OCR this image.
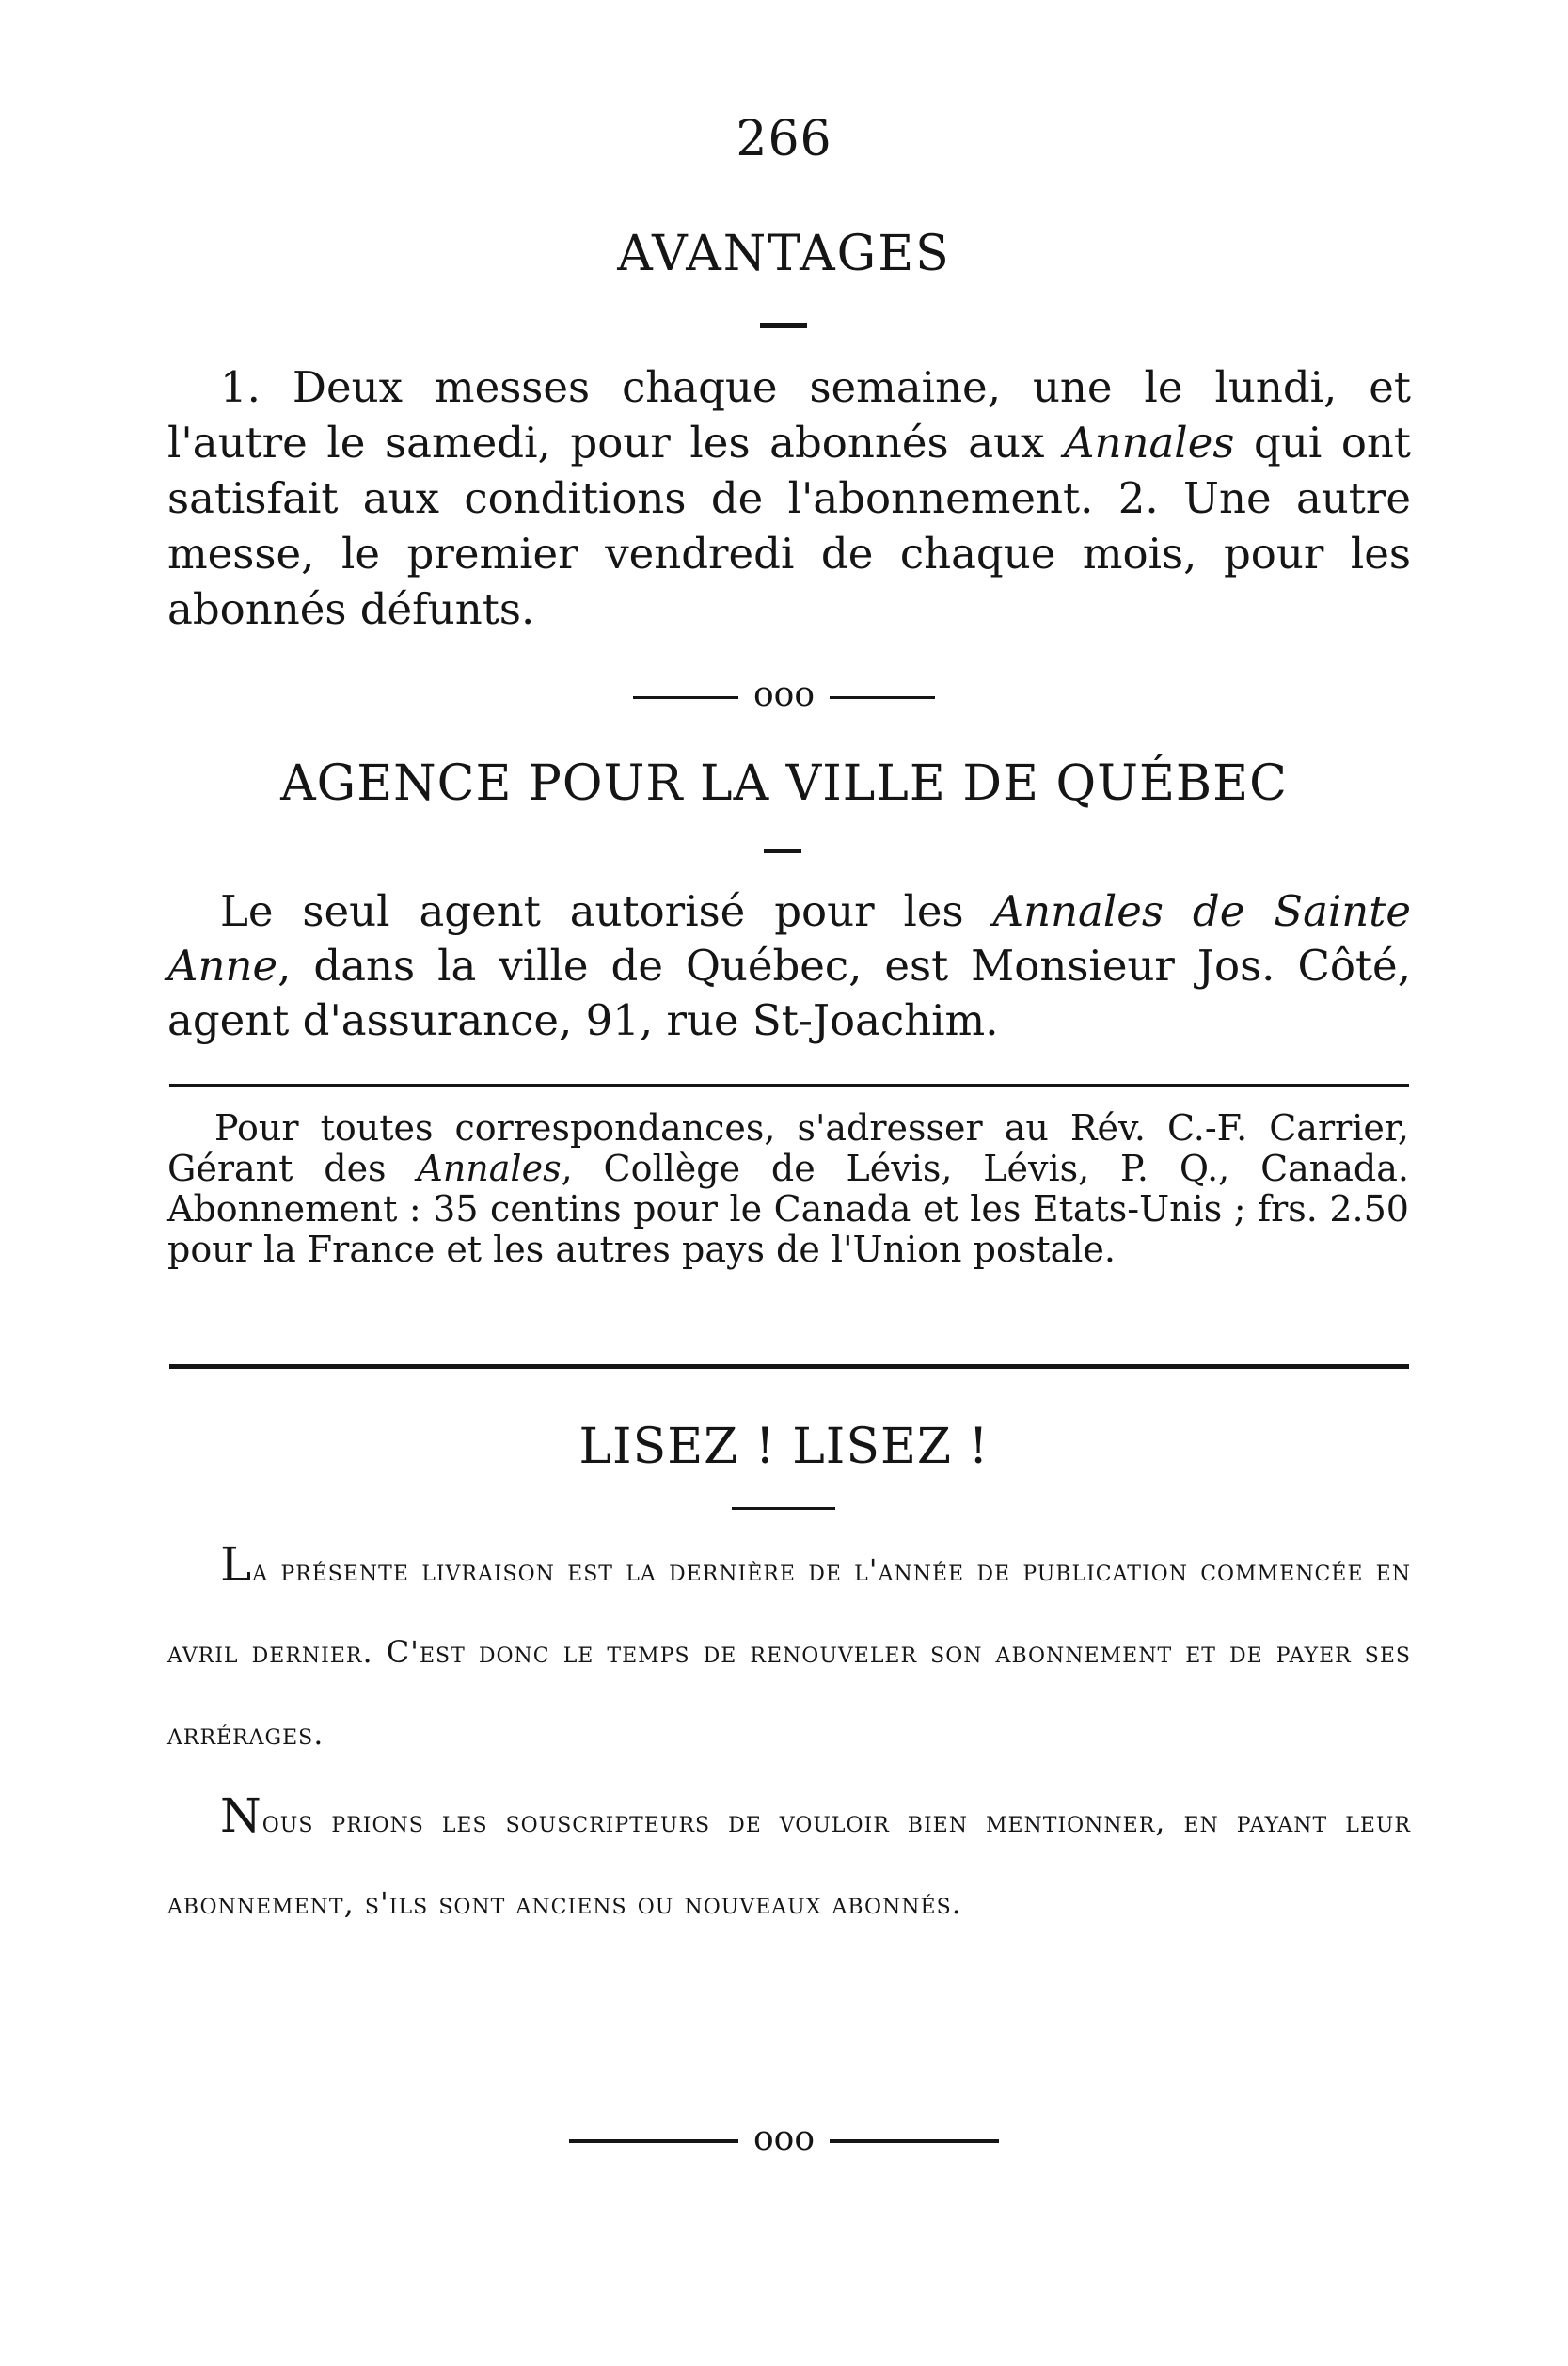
266
AVANTAGES

1. Deux messes chaque semaine, une le lundi, et l'autre le samedi, pour les abonnés aux Annales qui ont satisfait aux conditions de l'abonnement. 2. Une autre messe, le premier vendredi de chaque mois, pour les abonnés défunts.

ooo
AGENCE POUR LA VILLE DE QUÉBEC

Le seul agent autorisé pour les Annales de Sainte Anne, dans la ville de Québec, est Monsieur Jos. Côté, agent d'assurance, 91, rue St-Joachim.

Pour toutes correspondances, s'adresser au Rév. C.-F. Carrier, Gérant des Annales, Collège de Lévis, Lévis, P. Q., Canada. Abonnement : 35 centins pour le Canada et les Etats-Unis ; frs. 2.50 pour la France et les autres pays de l'Union postale.

LISEZ ! LISEZ !

La présente livraison est la dernière de l'année de publication commencée en avril dernier. C'est donc le temps de renouveler son abonnement et de payer ses arrérages.

Nous prions les souscripteurs de vouloir bien mentionner, en payant leur abonnement, s'ils sont anciens ou nouveaux abonnés.

ooo
